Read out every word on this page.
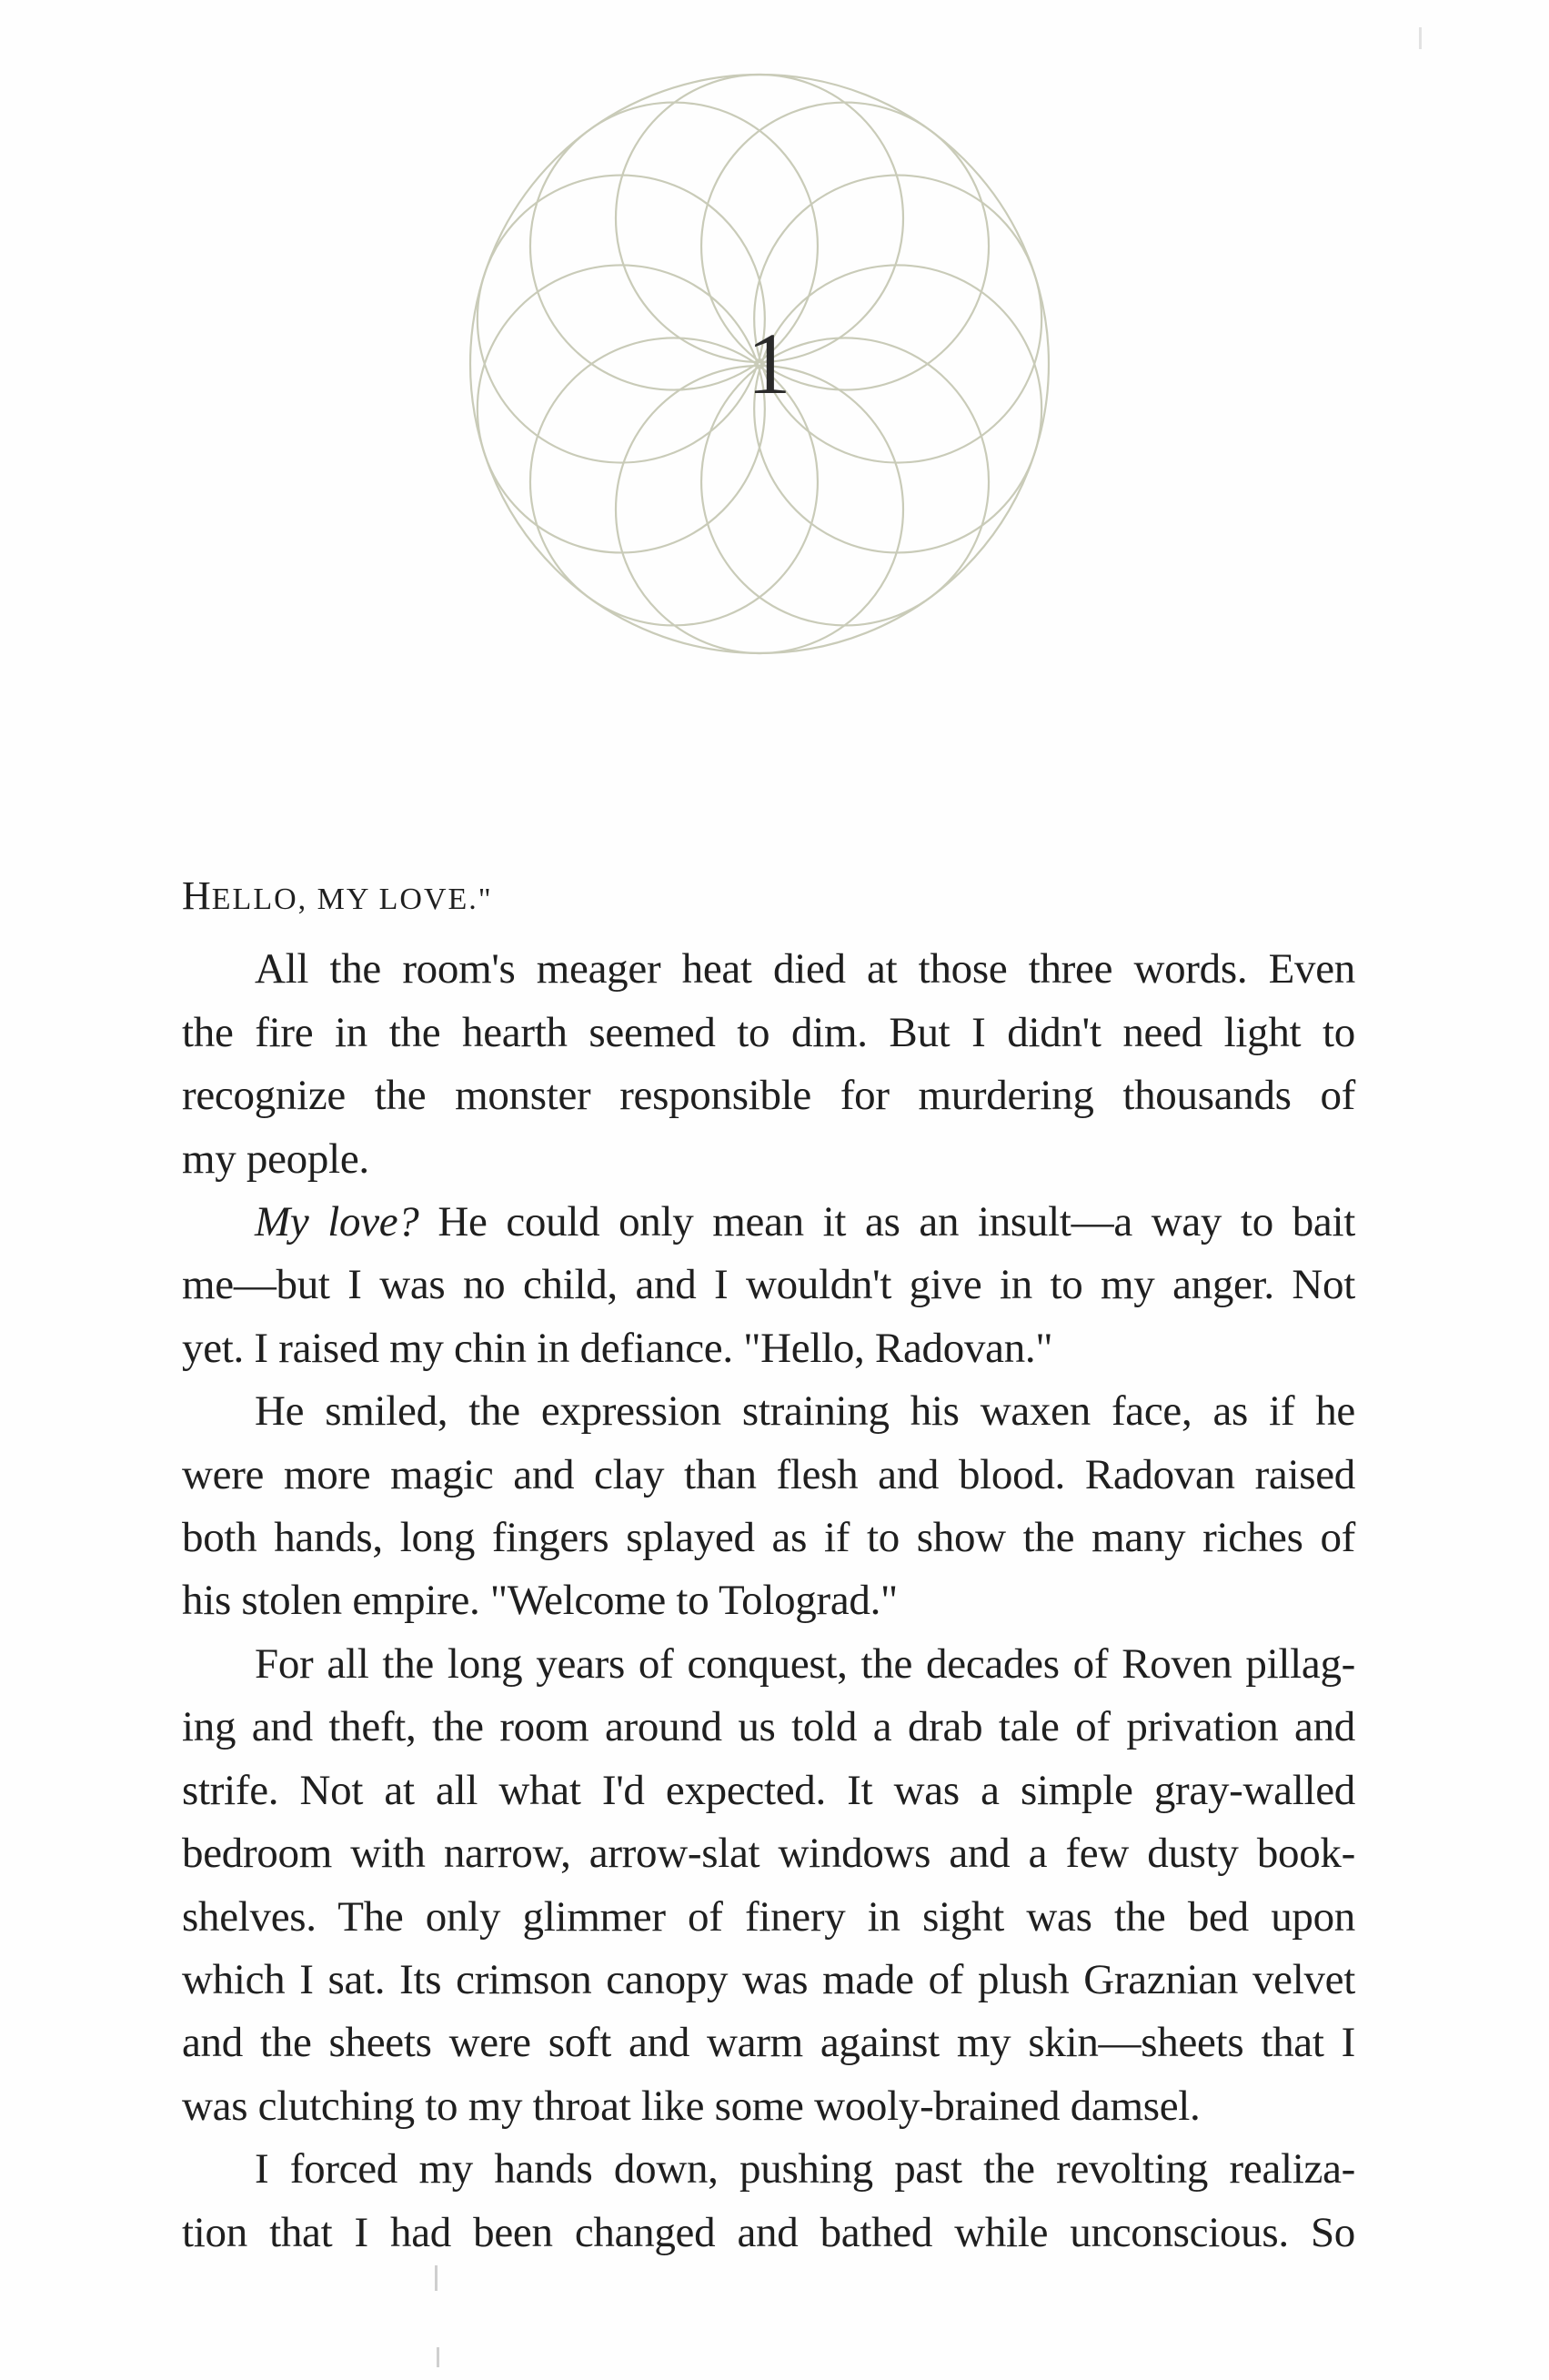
1
HELLO, MY LOVE."
All the room's meager heat died at those three words. Even
the fire in the hearth seemed to dim. But I didn't need light to
recognize the monster responsible for murdering thousands of
my people.
My love? He could only mean it as an insult—a way to bait
me—but I was no child, and I wouldn't give in to my anger. Not
yet. I raised my chin in defiance. "Hello, Radovan."
He smiled, the expression straining his waxen face, as if he
were more magic and clay than flesh and blood. Radovan raised
both hands, long fingers splayed as if to show the many riches of
his stolen empire. "Welcome to Tolograd."
For all the long years of conquest, the decades of Roven pillag-
ing and theft, the room around us told a drab tale of privation and
strife. Not at all what I'd expected. It was a simple gray-walled
bedroom with narrow, arrow-slat windows and a few dusty book-
shelves. The only glimmer of finery in sight was the bed upon
which I sat. Its crimson canopy was made of plush Graznian velvet
and the sheets were soft and warm against my skin—sheets that I
was clutching to my throat like some wooly-brained damsel.
I forced my hands down, pushing past the revolting realiza-
tion that I had been changed and bathed while unconscious. So
